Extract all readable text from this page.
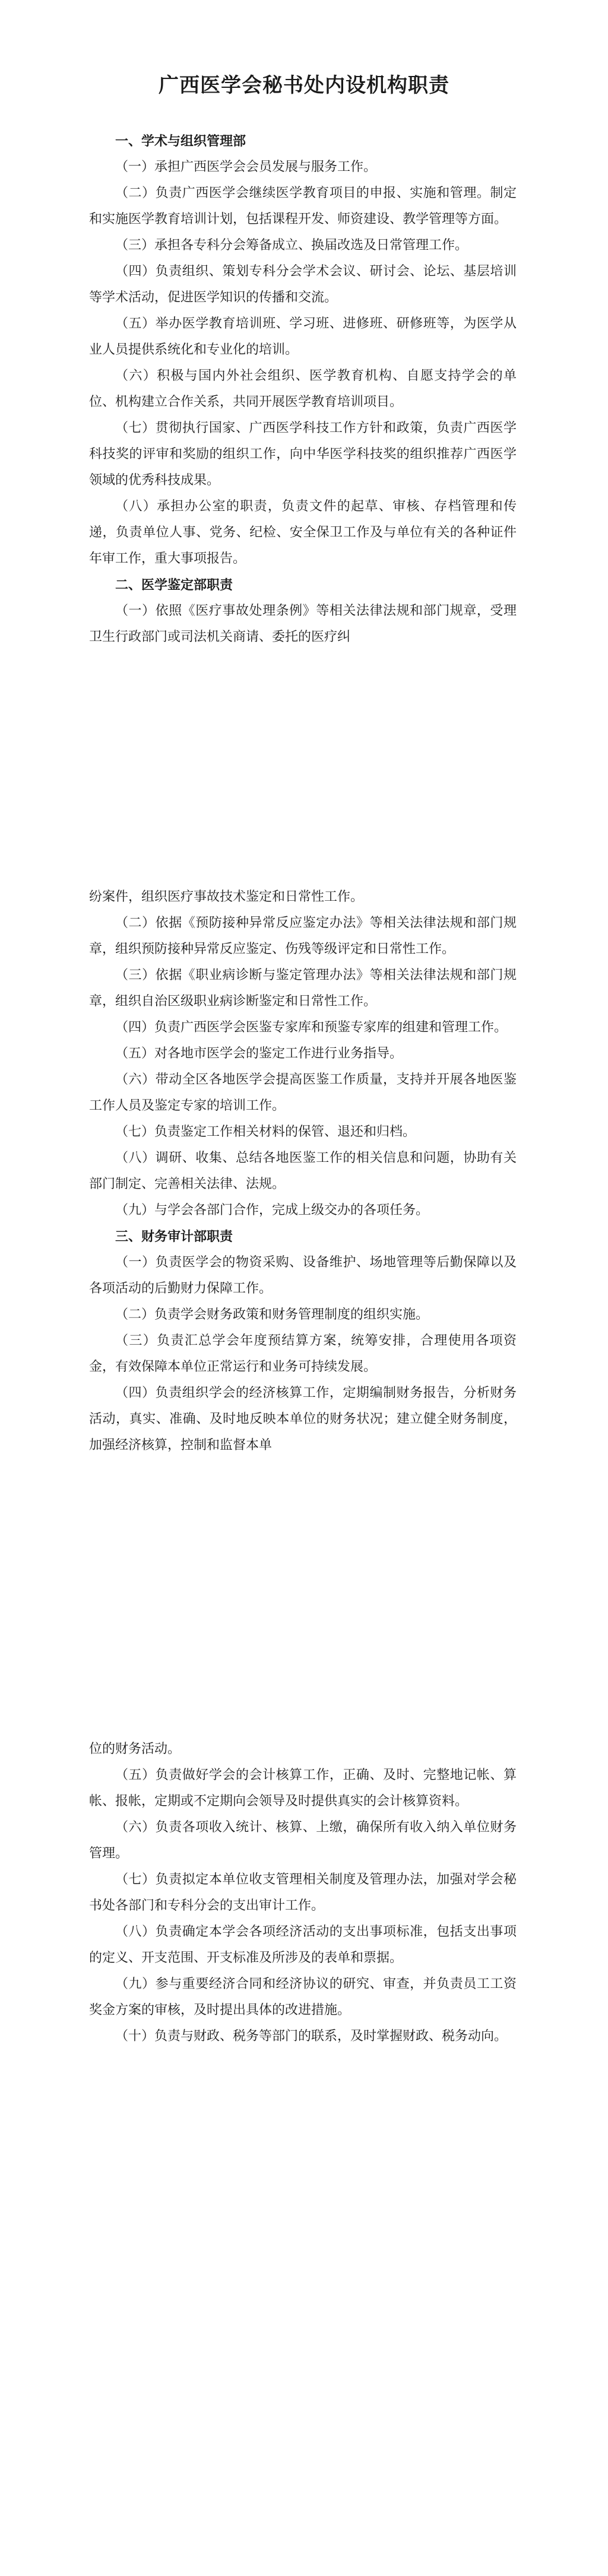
广西医学会秘书处内设机构职责

一、学术与组织管理部

（一）承担广西医学会会员发展与服务工作。

（二）负责广西医学会继续医学教育项目的申报、实施和管理。制定和实施医学教育培训计划，包括课程开发、师资建设、教学管理等方面。

（三）承担各专科分会筹备成立、换届改选及日常管理工作。

（四）负责组织、策划专科分会学术会议、研讨会、论坛、基层培训等学术活动，促进医学知识的传播和交流。

（五）举办医学教育培训班、学习班、进修班、研修班等，为医学从业人员提供系统化和专业化的培训。

（六）积极与国内外社会组织、医学教育机构、自愿支持学会的单位、机构建立合作关系，共同开展医学教育培训项目。

（七）贯彻执行国家、广西医学科技工作方针和政策，负责广西医学科技奖的评审和奖励的组织工作，向中华医学科技奖的组织推荐广西医学领域的优秀科技成果。

（八）承担办公室的职责，负责文件的起草、审核、存档管理和传递，负责单位人事、党务、纪检、安全保卫工作及与单位有关的各种证件年审工作，重大事项报告。

二、医学鉴定部职责

（一）依照《医疗事故处理条例》等相关法律法规和部门规章，受理卫生行政部门或司法机关商请、委托的医疗纠

纷案件，组织医疗事故技术鉴定和日常性工作。

（二）依据《预防接种异常反应鉴定办法》等相关法律法规和部门规章，组织预防接种异常反应鉴定、伤残等级评定和日常性工作。

（三）依据《职业病诊断与鉴定管理办法》等相关法律法规和部门规章，组织自治区级职业病诊断鉴定和日常性工作。

（四）负责广西医学会医鉴专家库和预鉴专家库的组建和管理工作。

（五）对各地市医学会的鉴定工作进行业务指导。

（六）带动全区各地医学会提高医鉴工作质量，支持并开展各地医鉴工作人员及鉴定专家的培训工作。

（七）负责鉴定工作相关材料的保管、退还和归档。

（八）调研、收集、总结各地医鉴工作的相关信息和问题，协助有关部门制定、完善相关法律、法规。

（九）与学会各部门合作，完成上级交办的各项任务。

三、财务审计部职责

（一）负责医学会的物资采购、设备维护、场地管理等后勤保障以及各项活动的后勤财力保障工作。

（二）负责学会财务政策和财务管理制度的组织实施。

（三）负责汇总学会年度预结算方案，统筹安排，合理使用各项资金，有效保障本单位正常运行和业务可持续发展。

（四）负责组织学会的经济核算工作，定期编制财务报告，分析财务活动，真实、准确、及时地反映本单位的财务状况；建立健全财务制度，加强经济核算，控制和监督本单

位的财务活动。

（五）负责做好学会的会计核算工作，正确、及时、完整地记帐、算帐、报帐，定期或不定期向会领导及时提供真实的会计核算资料。

（六）负责各项收入统计、核算、上缴，确保所有收入纳入单位财务管理。

（七）负责拟定本单位收支管理相关制度及管理办法，加强对学会秘书处各部门和专科分会的支出审计工作。

（八）负责确定本学会各项经济活动的支出事项标准，包括支出事项的定义、开支范围、开支标准及所涉及的表单和票据。

（九）参与重要经济合同和经济协议的研究、审查，并负责员工工资奖金方案的审核，及时提出具体的改进措施。

（十）负责与财政、税务等部门的联系，及时掌握财政、税务动向。
